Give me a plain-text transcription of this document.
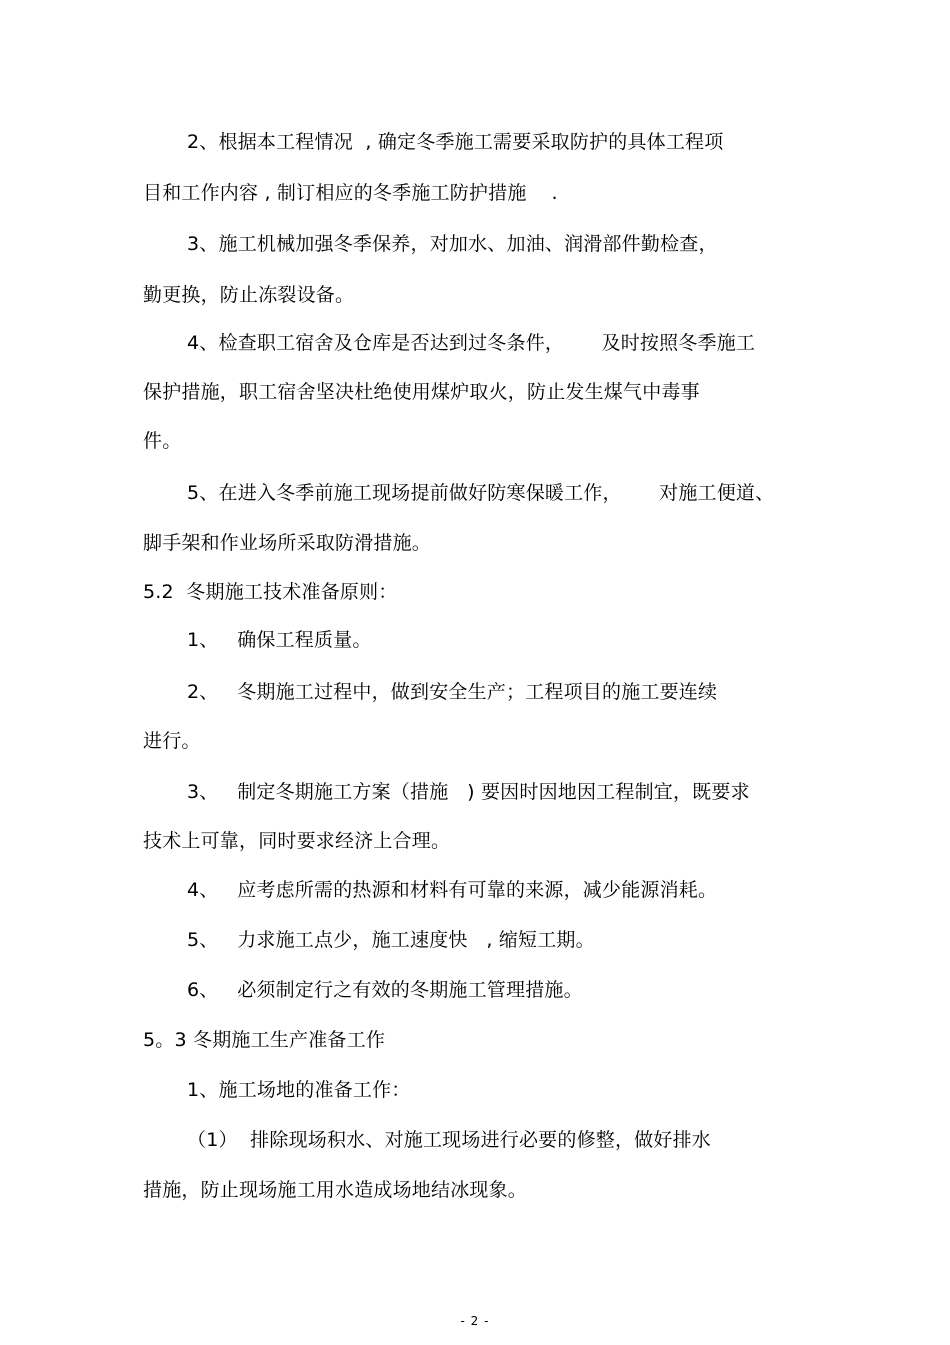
2、根据本工程情况  , 确定冬季施工需要采取防护的具体工程项
目和工作内容 , 制订相应的冬季施工防护措施    .
3、施工机械加强冬季保养，对加水、加油、润滑部件勤检查，
勤更换，防止冻裂设备。
4、检查职工宿舍及仓库是否达到过冬条件，      及时按照冬季施工
保护措施，职工宿舍坚决杜绝使用煤炉取火，防止发生煤气中毒事
件。
5、在进入冬季前施工现场提前做好防寒保暖工作，      对施工便道、
脚手架和作业场所采取防滑措施。
5.2  冬期施工技术准备原则：
1、   确保工程质量。
2、   冬期施工过程中，做到安全生产；工程项目的施工要连续
进行。
3、   制定冬期施工方案（措施   ) 要因时因地因工程制宜，既要求
技术上可靠，同时要求经济上合理。
4、   应考虑所需的热源和材料有可靠的来源，减少能源消耗。
5、   力求施工点少，施工速度快   , 缩短工期。
6、   必须制定行之有效的冬期施工管理措施。
5。3 冬期施工生产准备工作
1、施工场地的准备工作：
（1）  排除现场积水、对施工现场进行必要的修整，做好排水
措施，防止现场施工用水造成场地结冰现象。
- 2 -
